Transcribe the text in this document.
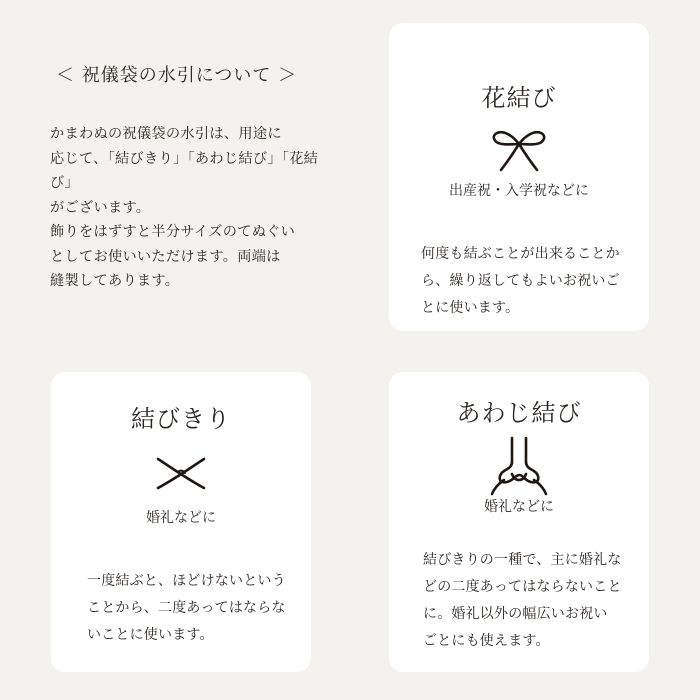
＜ 祝儀袋の水引について ＞

かまわぬの祝儀袋の水引は、用途に
応じて、「結びきり」「あわじ結び」「花結び」
がございます。
飾りをはずすと半分サイズのてぬぐい
としてお使いいただけます。両端は
縫製してあります。

花結び

出産祝・入学祝などに

何度も結ぶことが出来ることか
ら、繰り返してもよいお祝いご
とに使います。

結びきり

婚礼などに

一度結ぶと、ほどけないという
ことから、二度あってはならな
いことに使います。

あわじ結び

婚礼などに

結びきりの一種で、主に婚礼な
どの二度あってはならないこと
に。婚礼以外の幅広いお祝い
ごとにも使えます。
